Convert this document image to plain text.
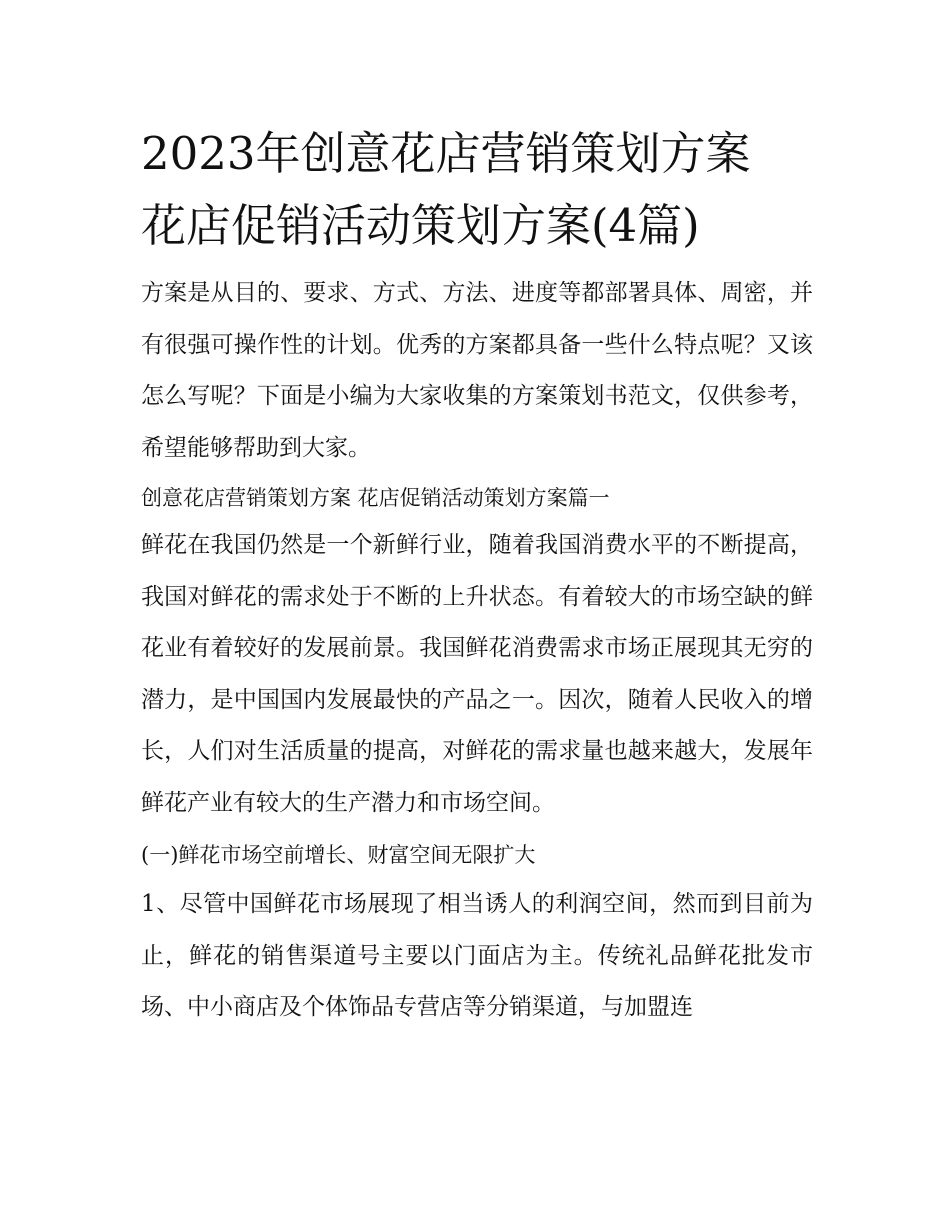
2023年创意花店营销策划方案
花店促销活动策划方案(4篇)

方案是从目的、要求、方式、方法、进度等都部署具体、周密，并有很强可操作性的计划。优秀的方案都具备一些什么特点呢？又该怎么写呢？下面是小编为大家收集的方案策划书范文，仅供参考，希望能够帮助到大家。

创意花店营销策划方案 花店促销活动策划方案篇一

鲜花在我国仍然是一个新鲜行业，随着我国消费水平的不断提高，我国对鲜花的需求处于不断的上升状态。有着较大的市场空缺的鲜花业有着较好的发展前景。我国鲜花消费需求市场正展现其无穷的潜力，是中国国内发展最快的产品之一。因次，随着人民收入的增长，人们对生活质量的提高，对鲜花的需求量也越来越大，发展年鲜花产业有较大的生产潜力和市场空间。

(一)鲜花市场空前增长、财富空间无限扩大

1、尽管中国鲜花市场展现了相当诱人的利润空间，然而到目前为止，鲜花的销售渠道号主要以门面店为主。传统礼品鲜花批发市场、中小商店及个体饰品专营店等分销渠道，与加盟连
